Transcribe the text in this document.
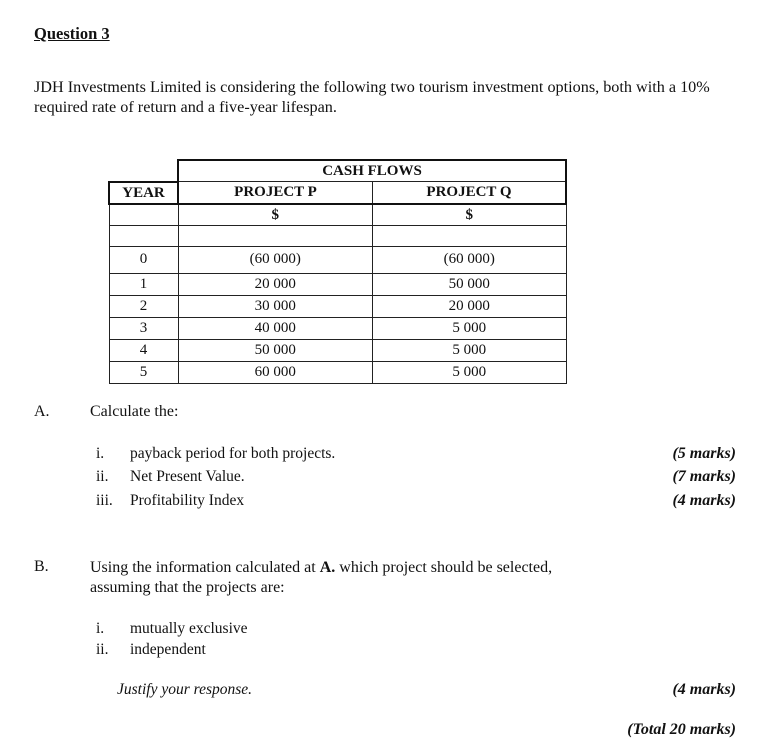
Question 3
JDH Investments Limited is considering the following two tourism investment options, both with a 10% required rate of return and a five-year lifespan.
	CASH FLOWS	
YEAR	PROJECT P	PROJECT Q
	$	$

0	(60 000)	(60 000)
1	20 000	50 000
2	30 000	20 000
3	40 000	5 000
4	50 000	5 000
5	60 000	5 000
A.	Calculate the:
i. payback period for both projects.
ii. Net Present Value.
iii. Profitability Index
(5 marks)
(7 marks)
(4 marks)
B.	Using the information calculated at A. which project should be selected,
assuming that the projects are:
i. mutually exclusive
ii. independent
Justify your response.	(4 marks)
(Total 20 marks)
